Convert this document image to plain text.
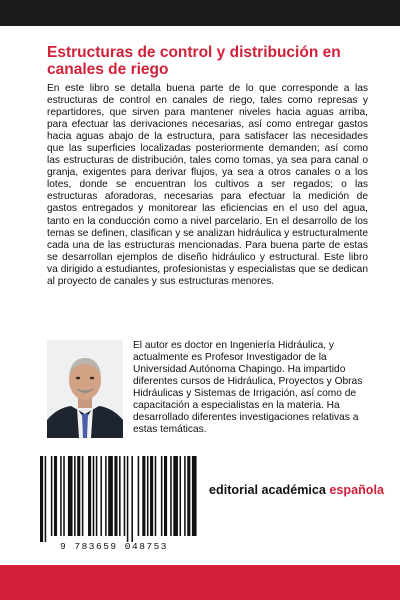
Estructuras de control y distribución en canales de riego

En este libro se detalla buena parte de lo que corresponde a las estructuras de control en canales de riego, tales como represas y repartidores, que sirven para mantener niveles hacia aguas arriba, para efectuar las derivaciones necesarias, así como entregar gastos hacia aguas abajo de la estructura, para satisfacer las necesidades que las superficies localizadas posteriormente demanden; así como las estructuras de distribución, tales como tomas, ya sea para canal o granja, exigentes para derivar flujos, ya sea a otros canales o a los lotes, donde se encuentran los cultivos a ser regados; o las estructuras aforadoras, necesarias para efectuar la medición de gastos entregados y monitorear las eficiencias en el uso del agua, tanto en la conducción como a nivel parcelario. En el desarrollo de los temas se definen, clasifican y se analizan hidráulica y estructuralmente cada una de las estructuras mencionadas. Para buena parte de estas se desarrollan ejemplos de diseño hidráulico y estructural. Este libro va dirigido a estudiantes, profesionistas y especialistas que se dedican al proyecto de canales y sus estructuras menores.

El autor es doctor en Ingeniería Hidráulica, y actualmente es Profesor Investigador de la Universidad Autónoma Chapingo. Ha impartido diferentes cursos de Hidráulica, Proyectos y Obras Hidráulicas y Sistemas de Irrigación, así como de capacitación a especialistas en la materia. Ha desarrollado diferentes investigaciones relativas a estas temáticas.

9 783659 048753
editorial académica española
